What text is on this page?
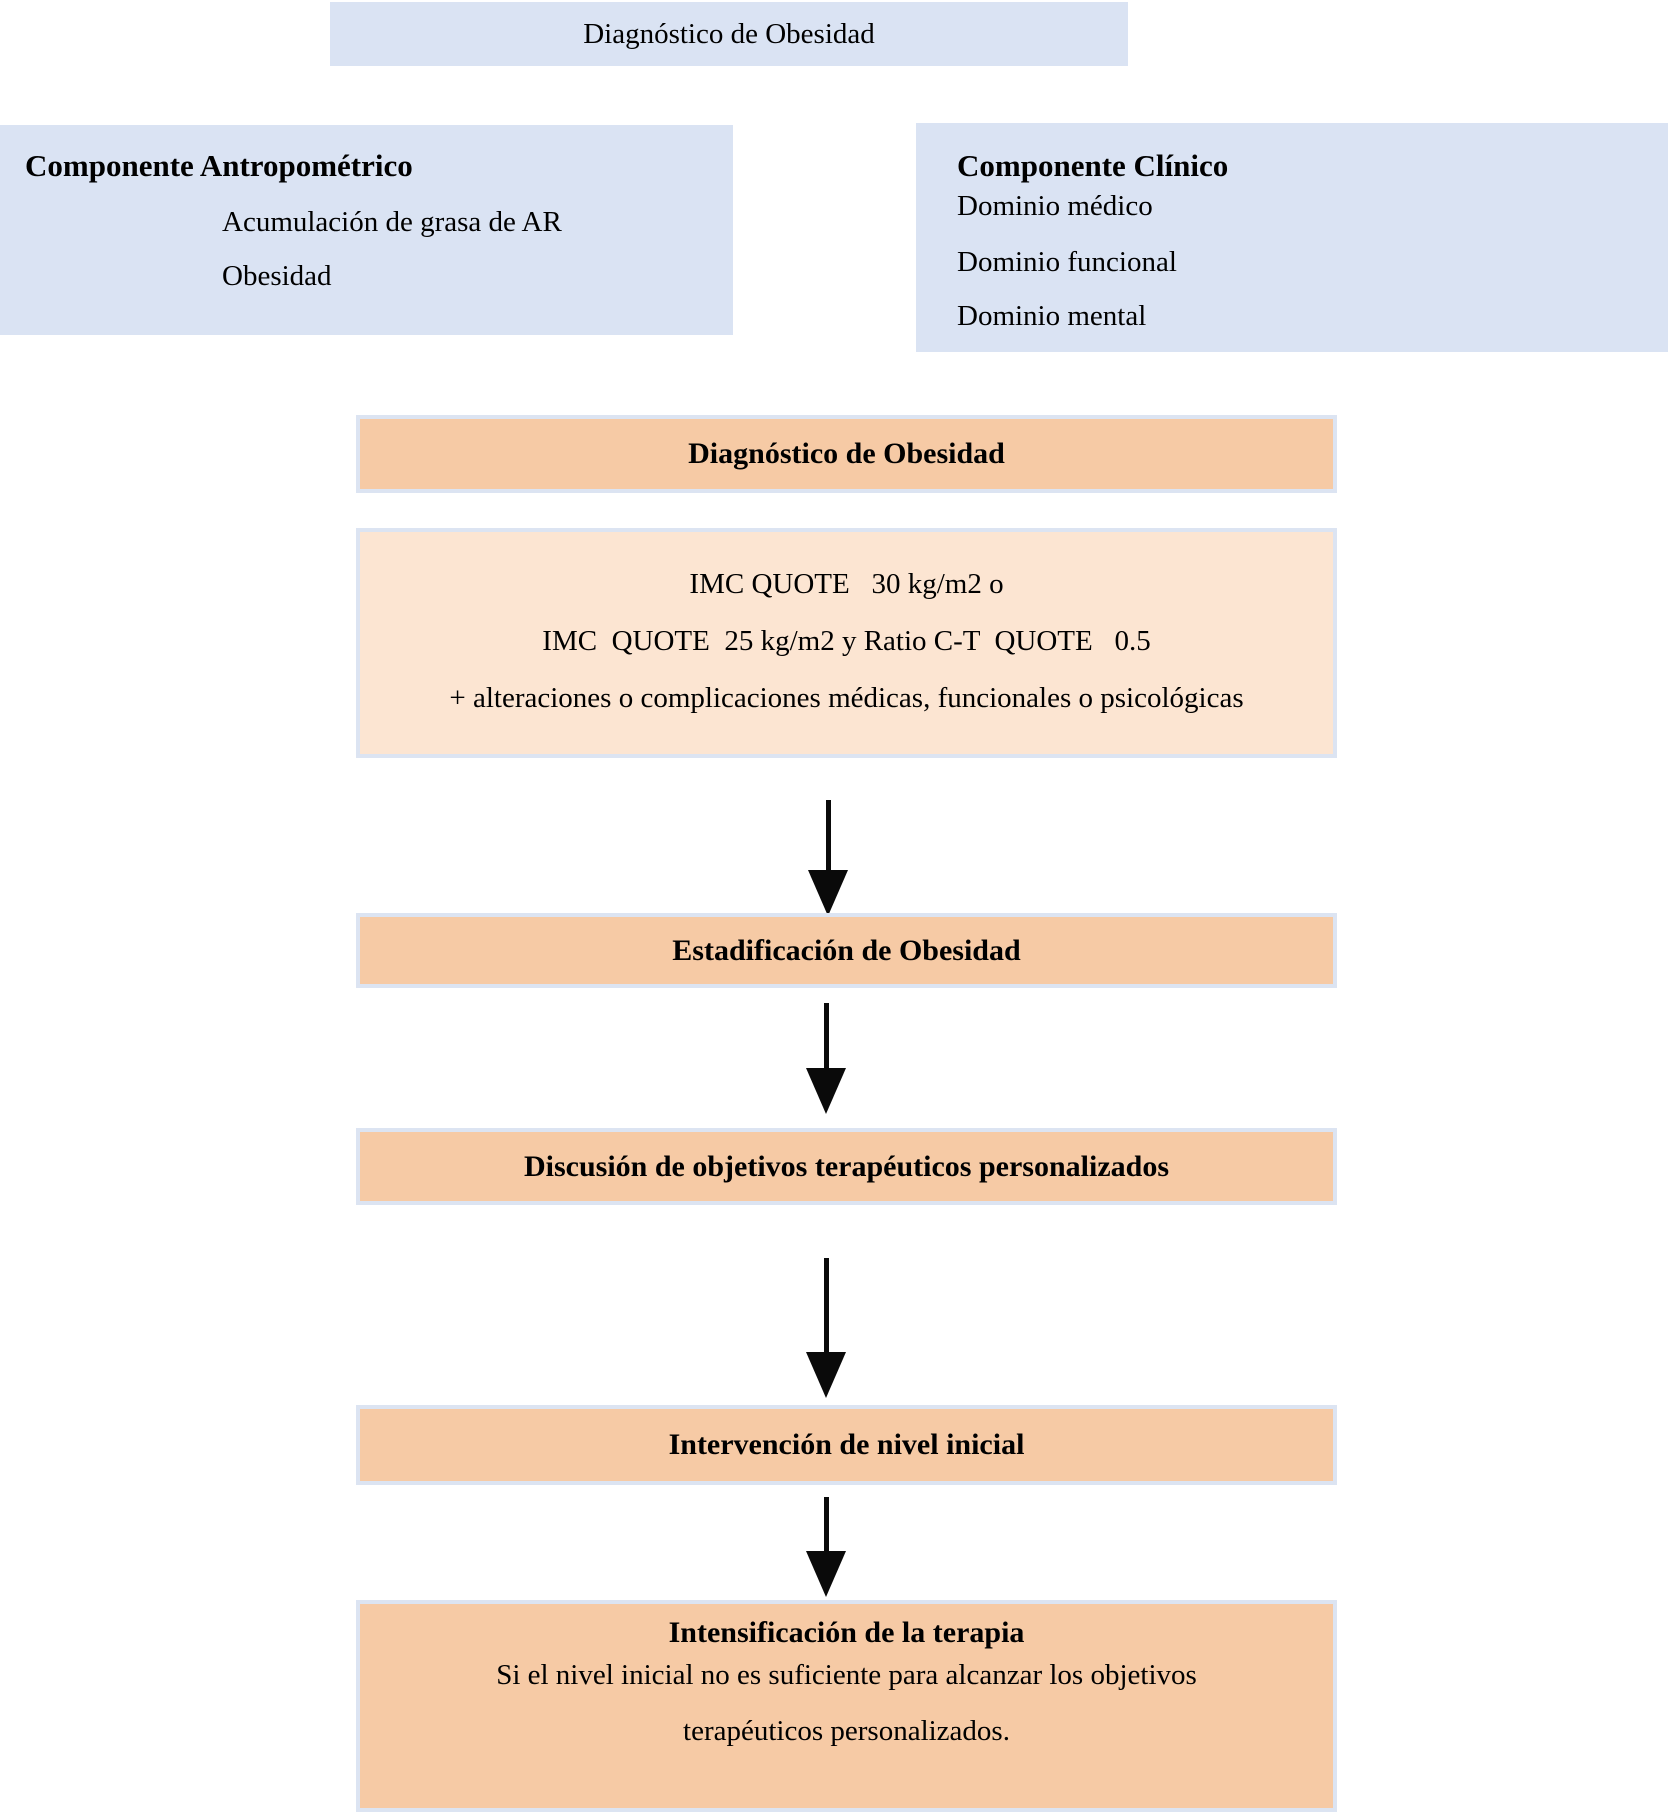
Diagnóstico de Obesidad
Componente Antropométrico
Acumulación de grasa de AR
Obesidad
Componente Clínico
Dominio médico
Dominio funcional
Dominio mental
Diagnóstico de Obesidad
IMC QUOTE   30 kg/m2 o
IMC  QUOTE  25 kg/m2 y Ratio C-T  QUOTE   0.5
+ alteraciones o complicaciones médicas, funcionales o psicológicas
Estadificación de Obesidad
Discusión de objetivos terapéuticos personalizados
Intervención de nivel inicial
Intensificación de la terapia
Si el nivel inicial no es suficiente para alcanzar los objetivos
terapéuticos personalizados.
